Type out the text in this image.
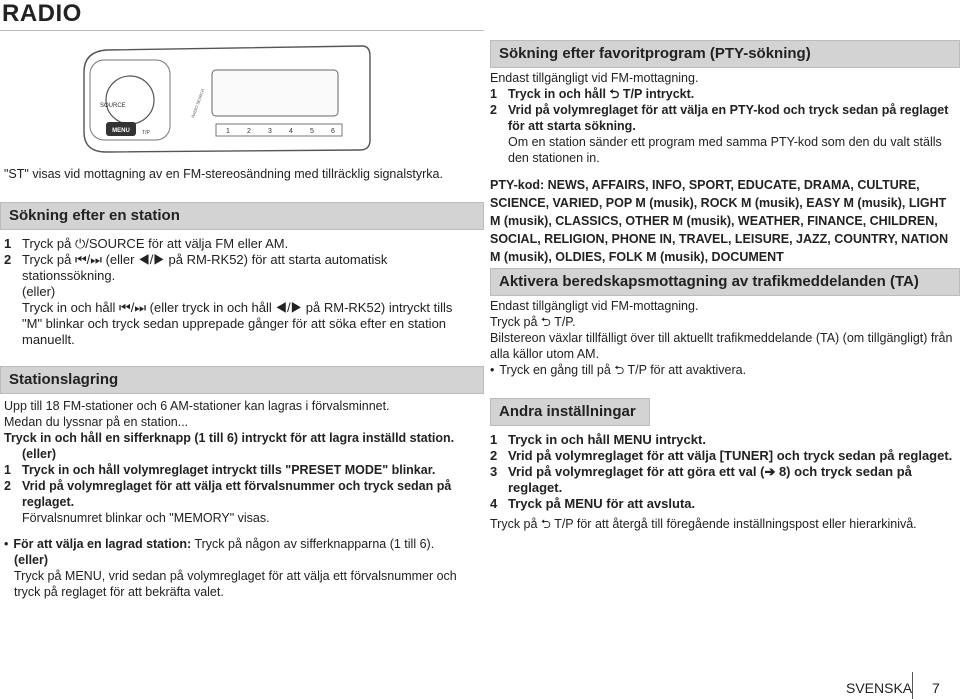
RADIO
MENU
SOURCE
T/P
RADIO SEARCH
1 2 3 4 5 6

"ST" visas vid mottagning av en FM-stereosändning med tillräcklig signalstyrka.

Sökning efter en station
1 Tryck på ⏻/SOURCE för att välja FM eller AM.
2 Tryck på ⏮/⏭ (eller ◀/▶ på RM-RK52) för att starta automatisk stationssökning.

(eller)

Tryck in och håll ⏮/⏭ (eller tryck in och håll ◀/▶ på RM-RK52) intryckt tills "M" blinkar och tryck sedan upprepade gånger för att söka efter en station manuellt.

Stationslagring

Upp till 18 FM-stationer och 6 AM-stationer kan lagras i förvalsminnet.

Medan du lyssnar på en station...

Tryck in och håll en sifferknapp (1 till 6) intryckt för att lagra inställd station.

(eller)

1 Tryck in och håll volymreglaget intryckt tills "PRESET MODE" blinkar.
2 Vrid på volymreglaget för att välja ett förvalsnummer och tryck sedan på reglaget.

Förvalsnumret blinkar och "MEMORY" visas.

• För att välja en lagrad station: Tryck på någon av sifferknapparna (1 till 6).

(eller)

Tryck på MENU, vrid sedan på volymreglaget för att välja ett förvalsnummer och tryck på reglaget för att bekräfta valet.

Sökning efter favoritprogram (PTY-sökning)

Endast tillgängligt vid FM-mottagning.

1 Tryck in och håll ⮌ T/P intryckt.
2 Vrid på volymreglaget för att välja en PTY-kod och tryck sedan på reglaget för att starta sökning.

Om en station sänder ett program med samma PTY-kod som den du valt ställs den stationen in.

PTY-kod: NEWS, AFFAIRS, INFO, SPORT, EDUCATE, DRAMA, CULTURE, SCIENCE, VARIED, POP M (musik), ROCK M (musik), EASY M (musik), LIGHT M (musik), CLASSICS, OTHER M (musik), WEATHER, FINANCE, CHILDREN, SOCIAL, RELIGION, PHONE IN, TRAVEL, LEISURE, JAZZ, COUNTRY, NATION M (musik), OLDIES, FOLK M (musik), DOCUMENT

Aktivera beredskapsmottagning av trafikmeddelanden (TA)

Endast tillgängligt vid FM-mottagning.

Tryck på ⮌ T/P.

Bilstereon växlar tillfälligt över till aktuellt trafikmeddelande (TA) (om tillgängligt) från alla källor utom AM.

• Tryck en gång till på ⮌ T/P för att avaktivera.

Andra inställningar
1 Tryck in och håll MENU intryckt.
2 Vrid på volymreglaget för att välja [TUNER] och tryck sedan på reglaget.
3 Vrid på volymreglaget för att göra ett val (➔ 8) och tryck sedan på reglaget.
4 Tryck på MENU för att avsluta.

Tryck på ⮌ T/P för att återgå till föregående inställningspost eller hierarkinivå.

SVENSKA 7
